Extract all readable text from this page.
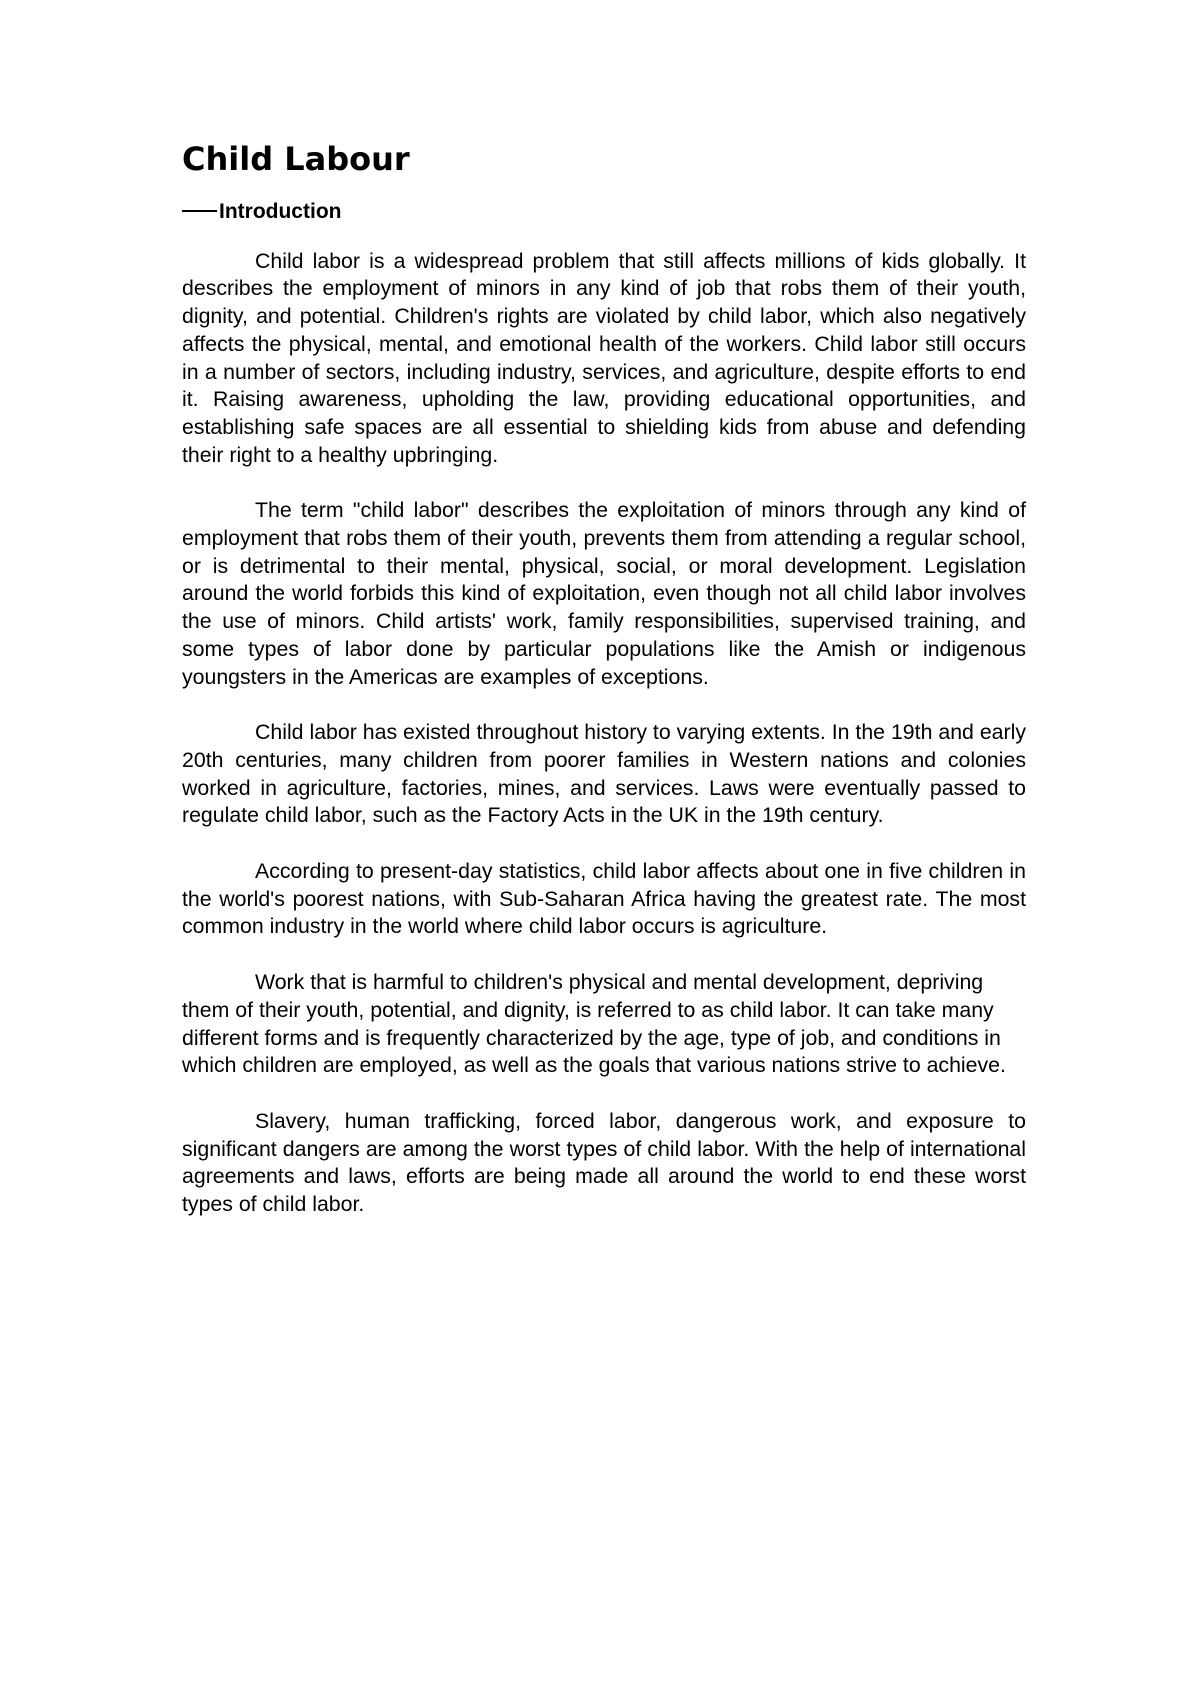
Child Labour
Introduction

Child labor is a widespread problem that still affects millions of kids globally. It describes the employment of minors in any kind of job that robs them of their youth, dignity, and potential. Children's rights are violated by child labor, which also negatively affects the physical, mental, and emotional health of the workers. Child labor still occurs in a number of sectors, including industry, services, and agriculture, despite efforts to end it. Raising awareness, upholding the law, providing educational opportunities, and establishing safe spaces are all essential to shielding kids from abuse and defending their right to a healthy upbringing.

The term "child labor" describes the exploitation of minors through any kind of employment that robs them of their youth, prevents them from attending a regular school, or is detrimental to their mental, physical, social, or moral development. Legislation around the world forbids this kind of exploitation, even though not all child labor involves the use of minors. Child artists' work, family responsibilities, supervised training, and some types of labor done by particular populations like the Amish or indigenous youngsters in the Americas are examples of exceptions.

Child labor has existed throughout history to varying extents. In the 19th and early 20th centuries, many children from poorer families in Western nations and colonies worked in agriculture, factories, mines, and services. Laws were eventually passed to regulate child labor, such as the Factory Acts in the UK in the 19th century.

According to present-day statistics, child labor affects about one in five children in the world's poorest nations, with Sub-Saharan Africa having the greatest rate. The most common industry in the world where child labor occurs is agriculture.

Work that is harmful to children's physical and mental development, depriving them of their youth, potential, and dignity, is referred to as child labor. It can take many different forms and is frequently characterized by the age, type of job, and conditions in which children are employed, as well as the goals that various nations strive to achieve.

Slavery, human trafficking, forced labor, dangerous work, and exposure to significant dangers are among the worst types of child labor. With the help of international agreements and laws, efforts are being made all around the world to end these worst types of child labor.
